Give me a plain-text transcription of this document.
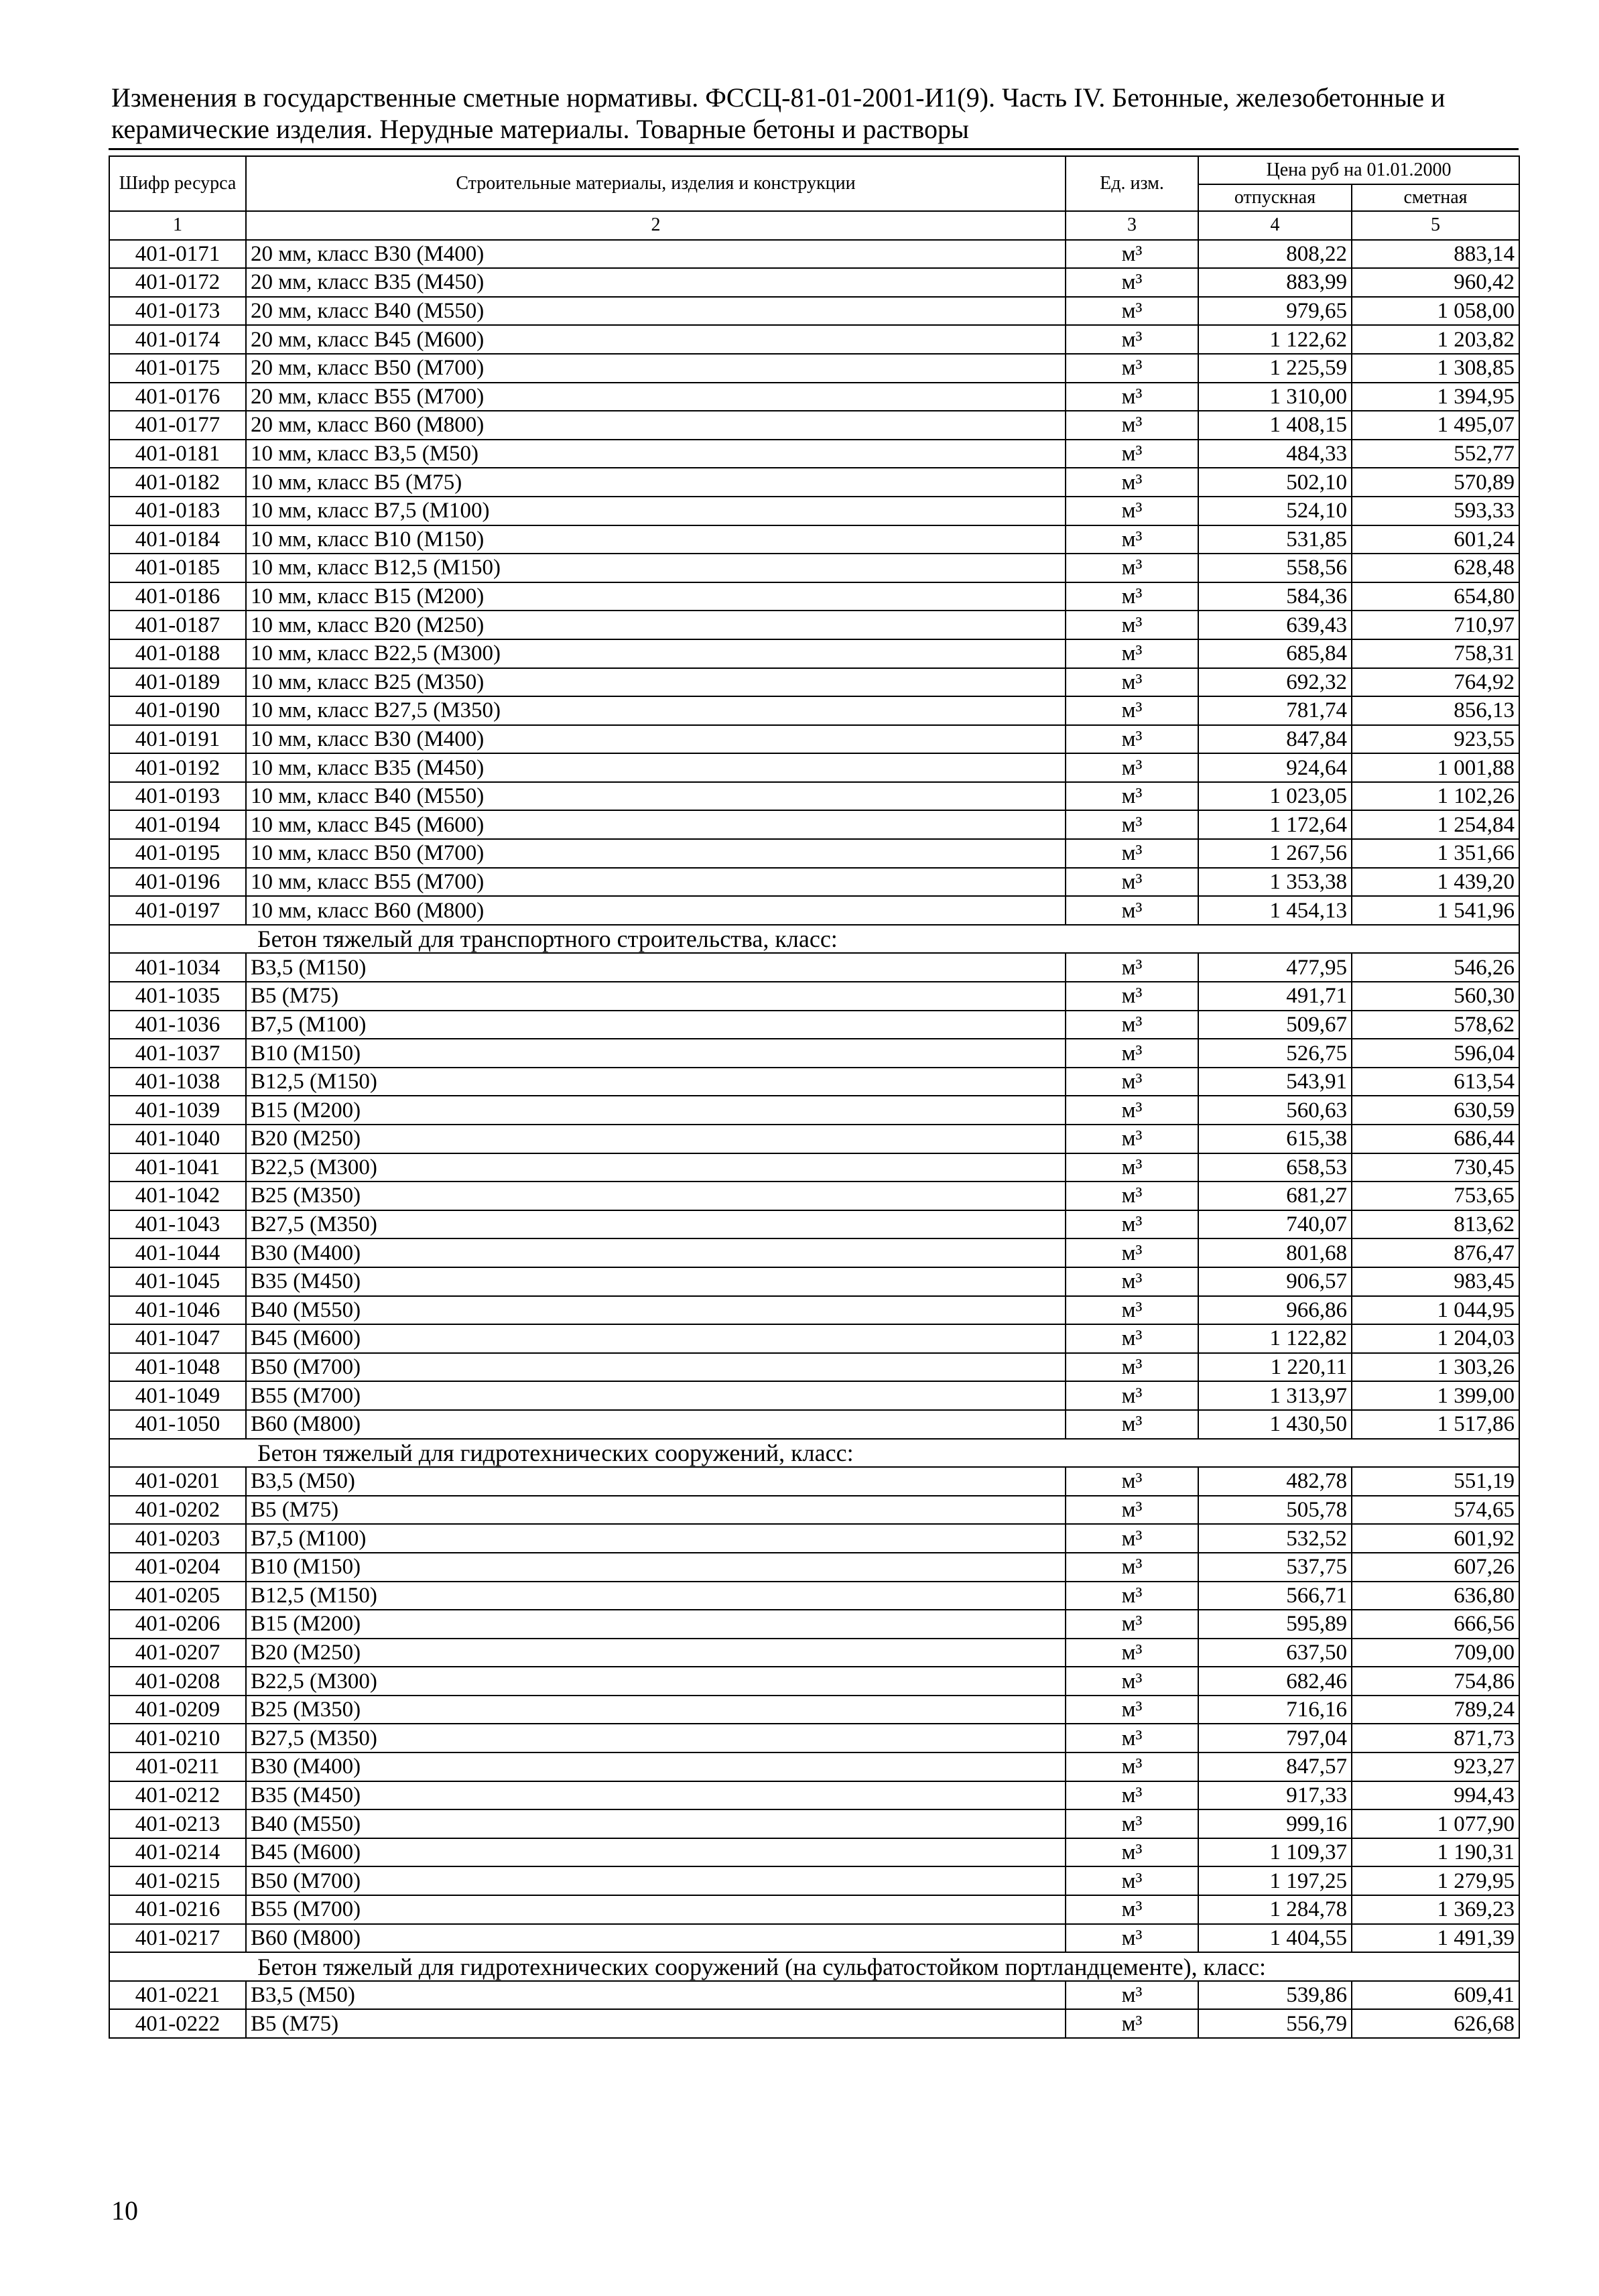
Изменения в государственные сметные нормативы. ФССЦ-81-01-2001-И1(9). Часть IV. Бетонные, железобетонные и
керамические изделия. Нерудные материалы. Товарные бетоны и растворы
Шифр ресурса	Строительные материалы, изделия и конструкции	Ед. изм.	Цена руб на 01.01.2000	
			отпускная	сметная
1	2	3	4	5
401-0171	20 мм, класс В30 (М400)	м³	808,22	883,14
401-0172	20 мм, класс В35 (М450)	м³	883,99	960,42
401-0173	20 мм, класс В40 (М550)	м³	979,65	1 058,00
401-0174	20 мм, класс В45 (М600)	м³	1 122,62	1 203,82
401-0175	20 мм, класс В50 (М700)	м³	1 225,59	1 308,85
401-0176	20 мм, класс В55 (М700)	м³	1 310,00	1 394,95
401-0177	20 мм, класс В60 (М800)	м³	1 408,15	1 495,07
401-0181	10 мм, класс В3,5 (М50)	м³	484,33	552,77
401-0182	10 мм, класс В5 (М75)	м³	502,10	570,89
401-0183	10 мм, класс В7,5 (М100)	м³	524,10	593,33
401-0184	10 мм, класс В10 (М150)	м³	531,85	601,24
401-0185	10 мм, класс В12,5 (М150)	м³	558,56	628,48
401-0186	10 мм, класс В15 (М200)	м³	584,36	654,80
401-0187	10 мм, класс В20 (М250)	м³	639,43	710,97
401-0188	10 мм, класс В22,5 (М300)	м³	685,84	758,31
401-0189	10 мм, класс В25 (М350)	м³	692,32	764,92
401-0190	10 мм, класс В27,5 (М350)	м³	781,74	856,13
401-0191	10 мм, класс В30 (М400)	м³	847,84	923,55
401-0192	10 мм, класс В35 (М450)	м³	924,64	1 001,88
401-0193	10 мм, класс В40 (М550)	м³	1 023,05	1 102,26
401-0194	10 мм, класс В45 (М600)	м³	1 172,64	1 254,84
401-0195	10 мм, класс В50 (М700)	м³	1 267,56	1 351,66
401-0196	10 мм, класс В55 (М700)	м³	1 353,38	1 439,20
401-0197	10 мм, класс В60 (М800)	м³	1 454,13	1 541,96
Бетон тяжелый для транспортного строительства, класс:				
401-1034	В3,5 (М150)	м³	477,95	546,26
401-1035	В5 (М75)	м³	491,71	560,30
401-1036	В7,5 (М100)	м³	509,67	578,62
401-1037	В10 (М150)	м³	526,75	596,04
401-1038	В12,5 (М150)	м³	543,91	613,54
401-1039	В15 (М200)	м³	560,63	630,59
401-1040	В20 (М250)	м³	615,38	686,44
401-1041	В22,5 (М300)	м³	658,53	730,45
401-1042	В25 (М350)	м³	681,27	753,65
401-1043	В27,5 (М350)	м³	740,07	813,62
401-1044	В30 (М400)	м³	801,68	876,47
401-1045	В35 (М450)	м³	906,57	983,45
401-1046	В40 (М550)	м³	966,86	1 044,95
401-1047	В45 (М600)	м³	1 122,82	1 204,03
401-1048	В50 (М700)	м³	1 220,11	1 303,26
401-1049	В55 (М700)	м³	1 313,97	1 399,00
401-1050	В60 (М800)	м³	1 430,50	1 517,86
Бетон тяжелый для гидротехнических сооружений, класс:				
401-0201	В3,5 (М50)	м³	482,78	551,19
401-0202	В5 (М75)	м³	505,78	574,65
401-0203	В7,5 (М100)	м³	532,52	601,92
401-0204	В10 (М150)	м³	537,75	607,26
401-0205	В12,5 (М150)	м³	566,71	636,80
401-0206	В15 (М200)	м³	595,89	666,56
401-0207	В20 (М250)	м³	637,50	709,00
401-0208	В22,5 (М300)	м³	682,46	754,86
401-0209	В25 (М350)	м³	716,16	789,24
401-0210	В27,5 (М350)	м³	797,04	871,73
401-0211	В30 (М400)	м³	847,57	923,27
401-0212	В35 (М450)	м³	917,33	994,43
401-0213	В40 (М550)	м³	999,16	1 077,90
401-0214	В45 (М600)	м³	1 109,37	1 190,31
401-0215	В50 (М700)	м³	1 197,25	1 279,95
401-0216	В55 (М700)	м³	1 284,78	1 369,23
401-0217	В60 (М800)	м³	1 404,55	1 491,39
Бетон тяжелый для гидротехнических сооружений (на сульфатостойком портландцементе), класс:				
401-0221	В3,5 (М50)	м³	539,86	609,41
401-0222	В5 (М75)	м³	556,79	626,68
10
